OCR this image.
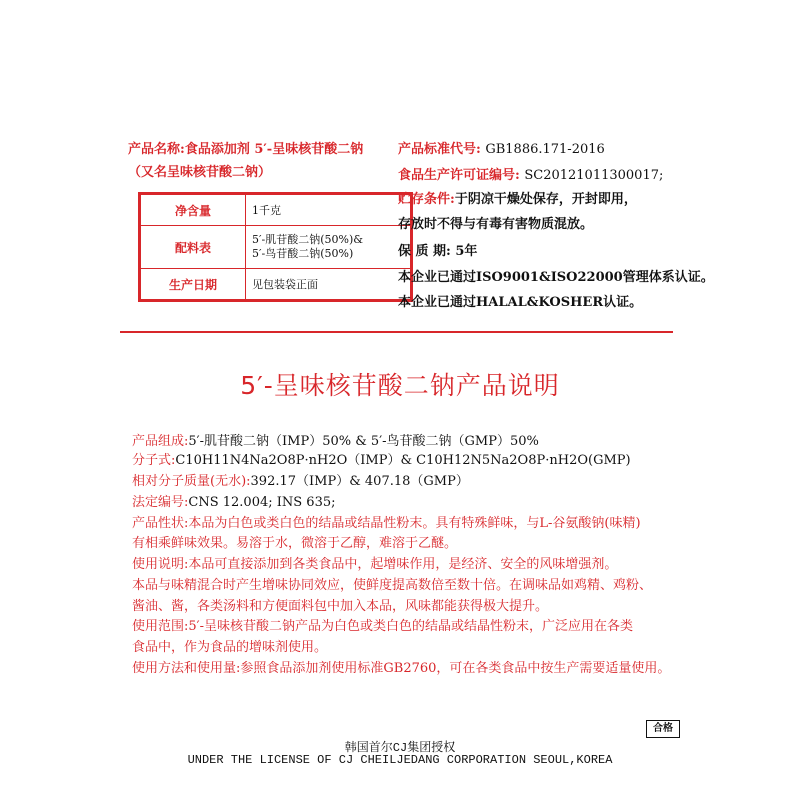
产品名称:食品添加剂 5′-呈味核苷酸二钠
（又名呈味核苷酸二钠）
净含量	1千克
配料表	5′-肌苷酸二钠(50%)&
5′-鸟苷酸二钠(50%)

生产日期	见包装袋正面
产品标准代号: GB1886.171-2016
食品生产许可证编号: SC20121011300017;
贮存条件:于阴凉干燥处保存，开封即用，
存放时不得与有毒有害物质混放。
保 质 期: 5年
本企业已通过ISO9001&ISO22000管理体系认证。
本企业已通过HALAL&KOSHER认证。
5′-呈味核苷酸二钠产品说明
产品组成:5′-肌苷酸二钠（IMP）50% & 5′-鸟苷酸二钠（GMP）50%
分子式:C10H11N4Na2O8P·nH2O（IMP）& C10H12N5Na2O8P·nH2O(GMP)
相对分子质量(无水):392.17（IMP）& 407.18（GMP）
法定编号:CNS 12.004; INS 635;
产品性状:本品为白色或类白色的结晶或结晶性粉末。具有特殊鲜味，与L-谷氨酸钠(味精)
有相乘鲜味效果。易溶于水，微溶于乙醇，难溶于乙醚。
使用说明:本品可直接添加到各类食品中，起增味作用，是经济、安全的风味增强剂。
本品与味精混合时产生增味协同效应，使鲜度提高数倍至数十倍。在调味品如鸡精、鸡粉、
酱油、酱，各类汤料和方便面料包中加入本品，风味都能获得极大提升。
使用范围:5′-呈味核苷酸二钠产品为白色或类白色的结晶或结晶性粉末，广泛应用在各类
食品中，作为食品的增味剂使用。
使用方法和使用量:参照食品添加剂使用标准GB2760，可在各类食品中按生产需要适量使用。
合格
韩国首尔CJ集团授权
UNDER THE LICENSE OF CJ CHEILJEDANG CORPORATION SEOUL,KOREA
